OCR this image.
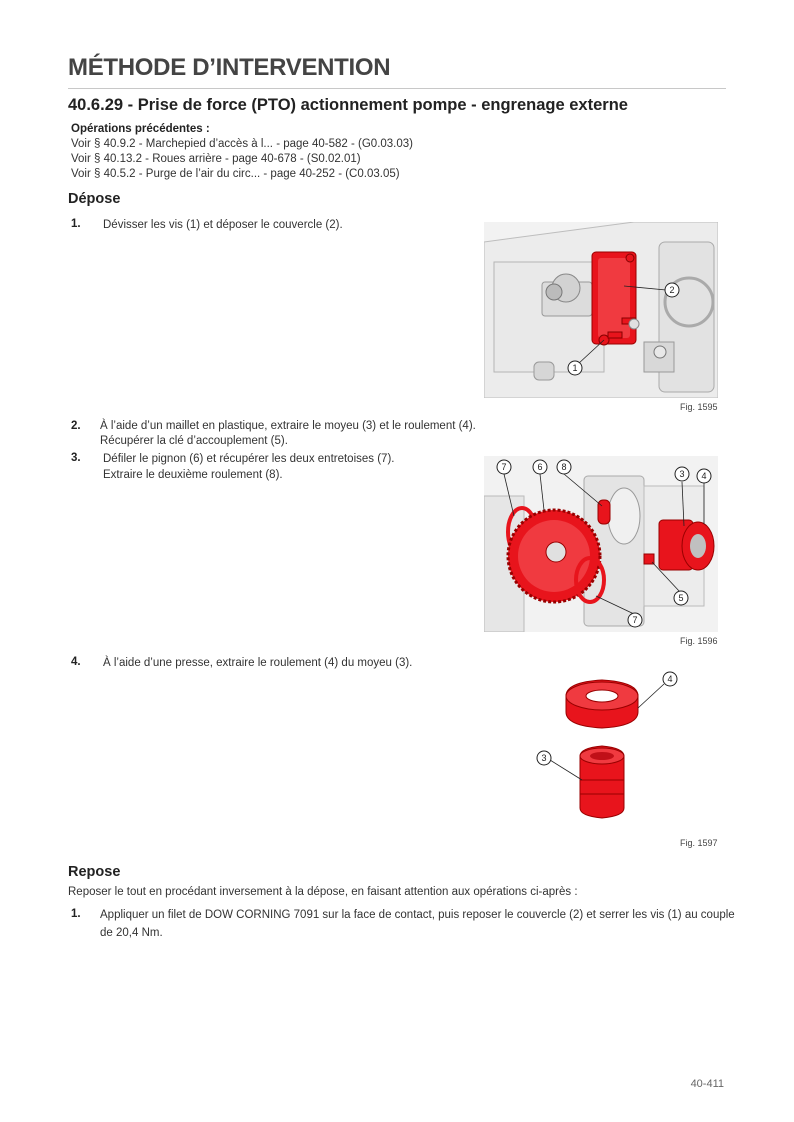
MÉTHODE D’INTERVENTION
40.6.29 - Prise de force (PTO) actionnement pompe - engrenage externe
Opérations précédentes :
Voir § 40.9.2 - Marchepied d’accès à l... - page 40-582 - (G0.03.03)
Voir § 40.13.2 - Roues arrière - page 40-678 - (S0.02.01)
Voir § 40.5.2 - Purge de l’air du circ... - page 40-252 - (C0.03.05)
Dépose
1. Dévisser les vis (1) et déposer le couvercle (2).
2
1
Fig. 1595
2. À l’aide d’un maillet en plastique, extraire le moyeu (3) et le roulement (4).
Récupérer la clé d’accouplement (5).
3. Défiler le pignon (6) et récupérer les deux entretoises (7).
Extraire le deuxième roulement (8).
7	6 8
3 4
5
7
Fig. 1596
4. À l’aide d’une presse, extraire le roulement (4) du moyeu (3).
4
3
Fig. 1597
Repose
Reposer le tout en procédant inversement à la dépose, en faisant attention aux opérations ci-après :
1. Appliquer un filet de DOW CORNING 7091 sur la face de contact, puis reposer le couvercle (2) et serrer les vis (1) au couple
de 20,4 Nm.
40-411
